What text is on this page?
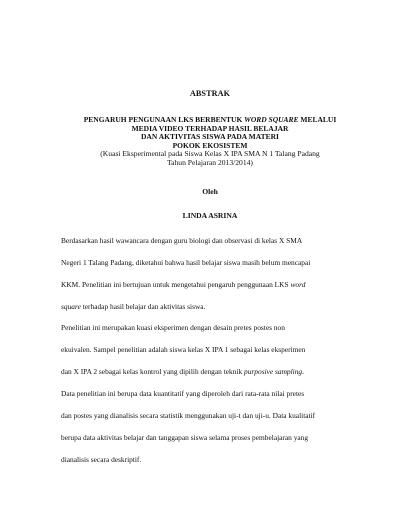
ABSTRAK
PENGARUH PENGUNAAN LKS BERBENTUK WORD SQUARE MELALUI
MEDIA VIDEO TERHADAP HASIL BELAJAR
DAN AKTIVITAS SISWA PADA MATERI
POKOK EKOSISTEM
(Kuasi Eksperimental pada Siswa Kelas X IPA SMA N 1 Talang Padang
Tahun Pelajaran 2013/2014)
Oleh
LINDA ASRINA
Berdasarkan hasil wawancara dengan guru biologi dan observasi di kelas X SMA
Negeri 1 Talang Padang, diketahui bahwa hasil belajar siswa masih belum mencapai
KKM. Penelitian ini bertujuan untuk mengetahui pengaruh penggunaan LKS word
square terhadap hasil belajar dan aktivitas siswa.
Penelitian ini merupakan kuasi eksperimen dengan desain pretes postes non
ekuivalen. Sampel penelitian adalah siswa kelas X IPA 1 sebagai kelas eksperimen
dan X IPA 2 sebagai kelas kontrol yang dipilih dengan teknik purposive sampling.
Data penelitian ini berupa data kuantitatif yang diperoleh dari rata-rata nilai pretes
dan postes yang dianalisis secara statistik menggunakan uji-t dan uji-u. Data kualitatif
berupa data aktivitas belajar dan tanggapan siswa selama proses pembelajaran yang
dianalisis secara deskriptif.
